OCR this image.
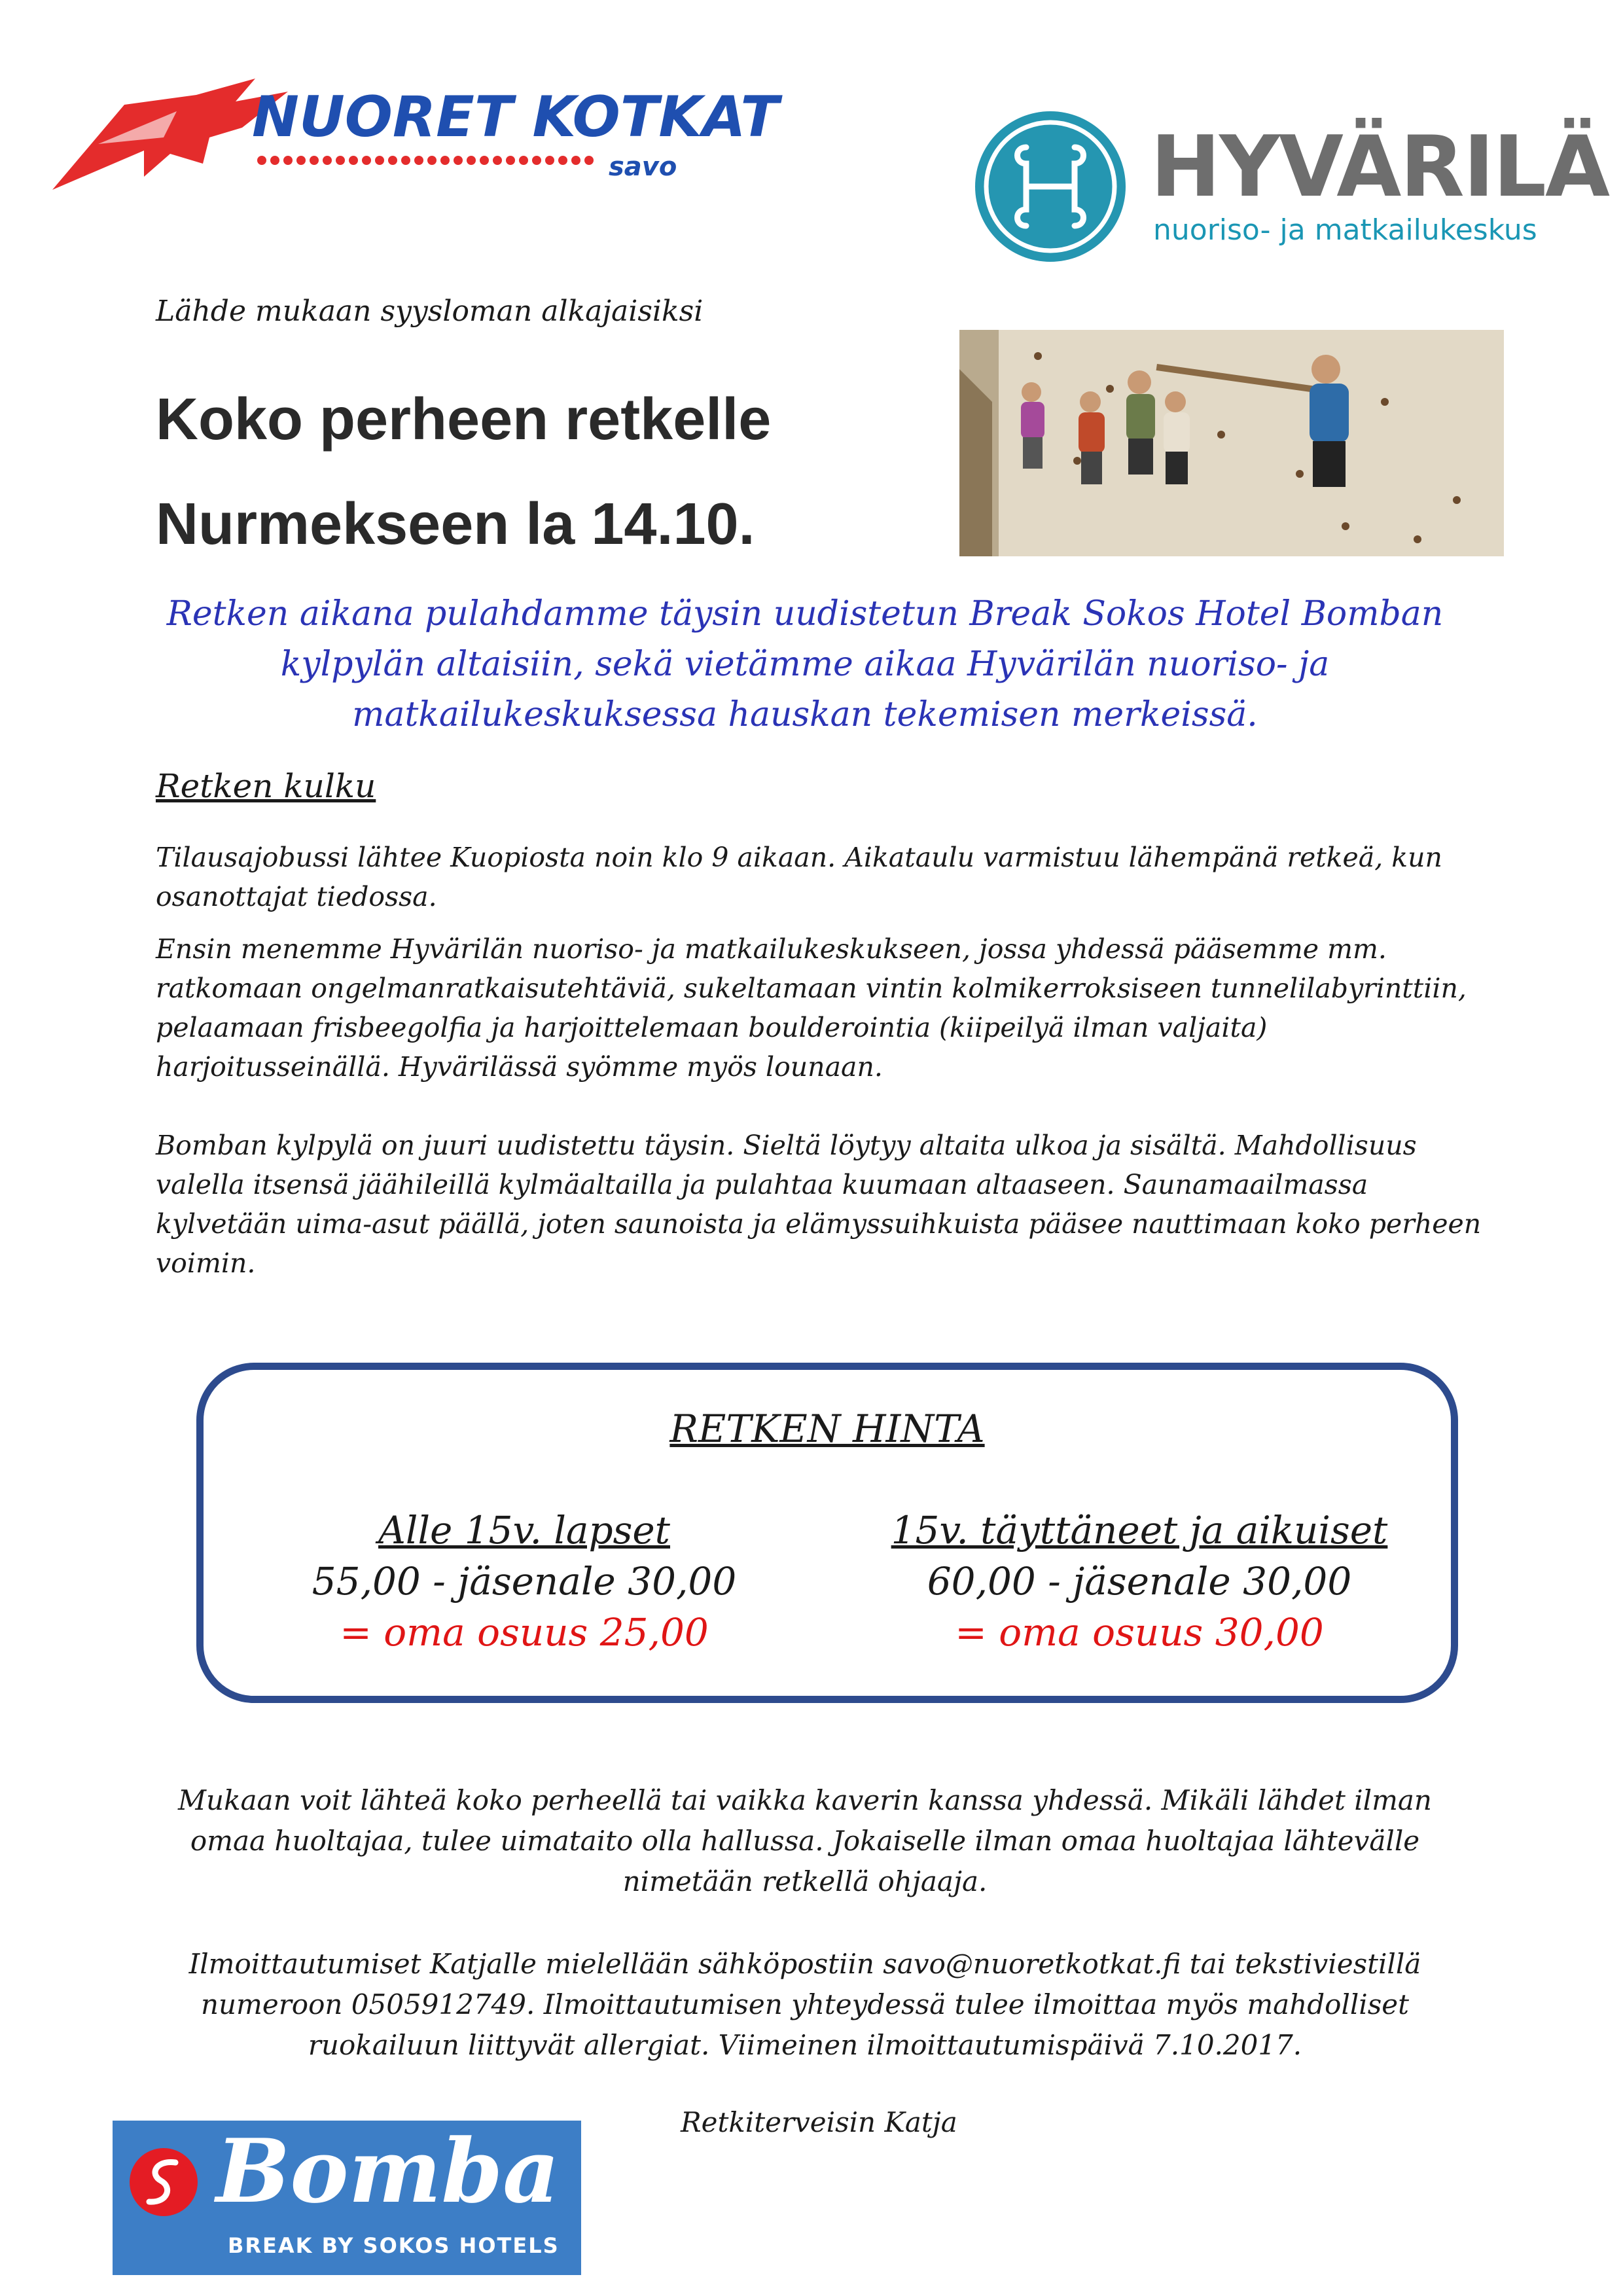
NUORET KOTKAT
savo	HYVÄRILÄ
nuoriso- ja matkailukeskus
Lähde mukaan syysloman alkajaisiksi
Koko perheen retkelle
Nurmekseen la 14.10.
Retken aikana pulahdamme täysin uudistetun Break Sokos Hotel Bomban kylpylän altaisiin, sekä vietämme aikaa Hyvärilän nuoriso- ja matkailukeskuksessa hauskan tekemisen merkeissä.
Retken kulku

Tilausajobussi lähtee Kuopiosta noin klo 9 aikaan. Aikataulu varmistuu lähempänä retkeä, kun osanottajat tiedossa.

Ensin menemme Hyvärilän nuoriso- ja matkailukeskukseen, jossa yhdessä pääsemme mm. ratkomaan ongelmanratkaisutehtäviä, sukeltamaan vintin kolmikerroksiseen tunnelilabyrinttiin, pelaamaan frisbeegolfia ja harjoittelemaan boulderointia (kiipeilyä ilman valjaita) harjoitusseinällä. Hyvärilässä syömme myös lounaan.

Bomban kylpylä on juuri uudistettu täysin. Sieltä löytyy altaita ulkoa ja sisältä. Mahdollisuus valella itsensä jäähileillä kylmäaltailla ja pulahtaa kuumaan altaaseen. Saunamaailmassa kylvetään uima-asut päällä, joten saunoista ja elämyssuihkuista pääsee nauttimaan koko perheen voimin.

RETKEN HINTA
Alle 15v. lapset
55,00 - jäsenale 30,00
= oma osuus 25,00
15v. täyttäneet ja aikuiset
60,00 - jäsenale 30,00
= oma osuus 30,00
Mukaan voit lähteä koko perheellä tai vaikka kaverin kanssa yhdessä. Mikäli lähdet ilman omaa huoltajaa, tulee uimataito olla hallussa. Jokaiselle ilman omaa huoltajaa lähtevälle nimetään retkellä ohjaaja.
Ilmoittautumiset Katjalle mielellään sähköpostiin savo@nuoretkotkat.fi tai tekstiviestillä numeroon 0505912749. Ilmoittautumisen yhteydessä tulee ilmoittaa myös mahdolliset ruokailuun liittyvät allergiat. Viimeinen ilmoittautumispäivä 7.10.2017.
Retkiterveisin Katja
Bomba
BREAK BY SOKOS HOTELS
